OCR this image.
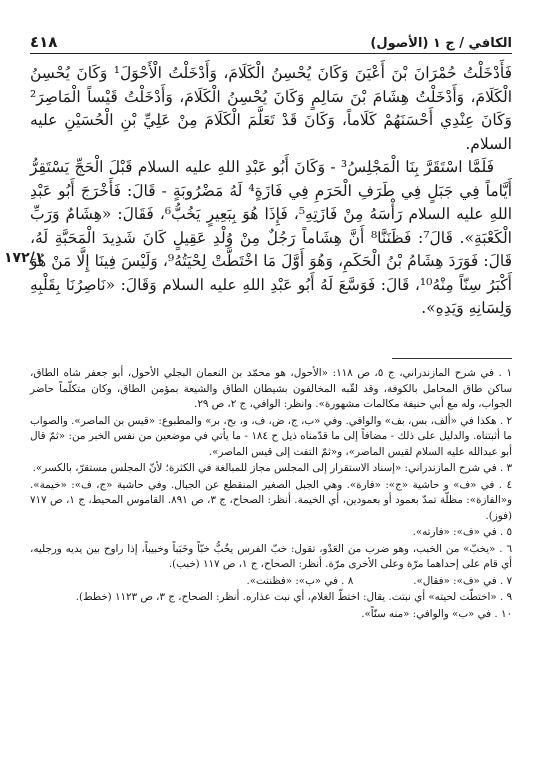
الكافي / ج ١ (الأصول)
٤١٨

فَأَدْخَلْتُ حُمْرَانَ بْنَ أَعْيَنَ وَكَانَ يُحْسِنُ الْكَلَامَ، وَأَدْخَلْتُ الْأَحْوَلَ¹ وَكَانَ يُحْسِنُ الْكَلَامَ، وَأَدْخَلْتُ هِشَامَ بْنَ سَالِمٍ وَكَانَ يُحْسِنُ الْكَلَامَ، وَأَدْخَلْتُ قَيْساً الْمَاصِرَ² وَكَانَ عِنْدِي أَحْسَنَهُمْ كَلَاماً، وَكَانَ قَدْ تَعَلَّمَ الْكَلَامَ مِنْ عَلِيِّ بْنِ الْحُسَيْنِ عليه السلام.

فَلَمَّا اسْتَقَرَّ بِنَا الْمَجْلِسُ³ - وَكَانَ أَبُو عَبْدِ اللهِ عليه السلام قَبْلَ الْحَجِّ يَسْتَقِرُّ أَيَّاماً فِي جَبَلٍ فِي طَرَفِ الْحَرَمِ فِي فَازَةٍ⁴ لَهُ مَضْرُوبَةٍ - قَالَ: فَأَخْرَجَ أَبُو عَبْدِ اللهِ عليه السلام رَأْسَهُ مِنْ فَازَتِهِ⁵، فَإِذَا هُوَ بِبَعِيرٍ يَخُبُّ⁶، فَقَالَ: «هِشَامٌ وَرَبِّ الْكَعْبَةِ». قَالَ⁷: فَظَنَنَّا⁸ أَنَّ هِشَاماً رَجُلٌ مِنْ وُلْدِ عَقِيلٍ كَانَ شَدِيدَ الْمَحَبَّةِ لَهُ، قَالَ: فَوَرَدَ هِشَامُ بْنُ الْحَكَمِ، وَهُوَ أَوَّلَ مَا اخْتَطَّتْ لِحْيَتُهُ⁹، وَلَيْسَ فِينَا إِلَّا مَنْ هُوَ أَكْبَرُ سِنّاً مِنْهُ¹⁰، قَالَ: فَوَسَّعَ لَهُ أَبُو عَبْدِ اللهِ عليه السلام وَقَالَ: «نَاصِرُنَا بِقَلْبِهِ وَلِسَانِهِ وَيَدِهِ».

١٧٢/١

١ . في شرح المازندراني، ج ٥، ص ١١٨: «الأحول، هو محمّد بن النعمان البجلي الأحول، أبو جعفر شاه الطاق، ساكن طاق المحامل بالكوفة، وقد لقّبه المخالفون بشيطان الطاق والشيعة بمؤمن الطاق، وكان متكلّماً حاضر الجواب، وله مع أبي حنيفة مكالمات مشهورة». وانظر: الوافي، ج ٢، ص ٢٩.

٢ . هكذا في «ألف، بس، بف» والوافي. وفي «ب، ج، ض، ف، و، بح، بر» والمطبوع: «قيس بن الماصر». والصواب ما أثبتناه. والدليل على ذلك - مضافاً إلى ما قدّمناه ذيل ح ١٨٤ - ما يأتي في موضعين من نفس الخبر من: «ثمّ قال أبو عبدالله عليه السلام لقيس الماصر»، و«ثمّ التفت إلى قيس الماصر».

٣ . في شرح المازندراني: «إسناد الاستقرار إلى المجلس مجاز للمبالغة في الكثرة؛ لأنّ المجلس مستقرّ، بالكسر».

٤ . في «ف» و حاشية «ج»: «فارة». وهي الجبل الصغير المنقطع عن الجبال. وفي حاشية «ج، ف»: «خيمة». و«الفازة»: مظلّة تمدّ بعمود أو بعمودين، أي الخيمة. أنظر: الصحاح، ج ٣، ص ٨٩١. القاموس المحيط، ج ١، ص ٧١٧ (فوز).

٥ . في «ف»: «فارته».

٦ . «يخبّ» من الخبب، وهو ضرب من العَدْو، تقول: خبّ الفرس يخُبُّ خبّاً وخَبَباً وخبيباً، إذا راوح بين يديه ورجليه، أي قام على إحداهما مرّة وعلى الأخرى مرّة. أنظر: الصحاح، ج ١، ص ١١٧ (خبب).

٧ . في «ف»: «فقال».
٨ . في «ب»: «فظننت».

٩ . «اختطّت لحيته» أي نبتت. يقال: اختطّ الغلام، أي نبت عذاره. أنظر: الصحاح، ج ٣، ص ١١٢٣ (خطط).

١٠ . في «ب» والوافي: «منه سنّاً».
